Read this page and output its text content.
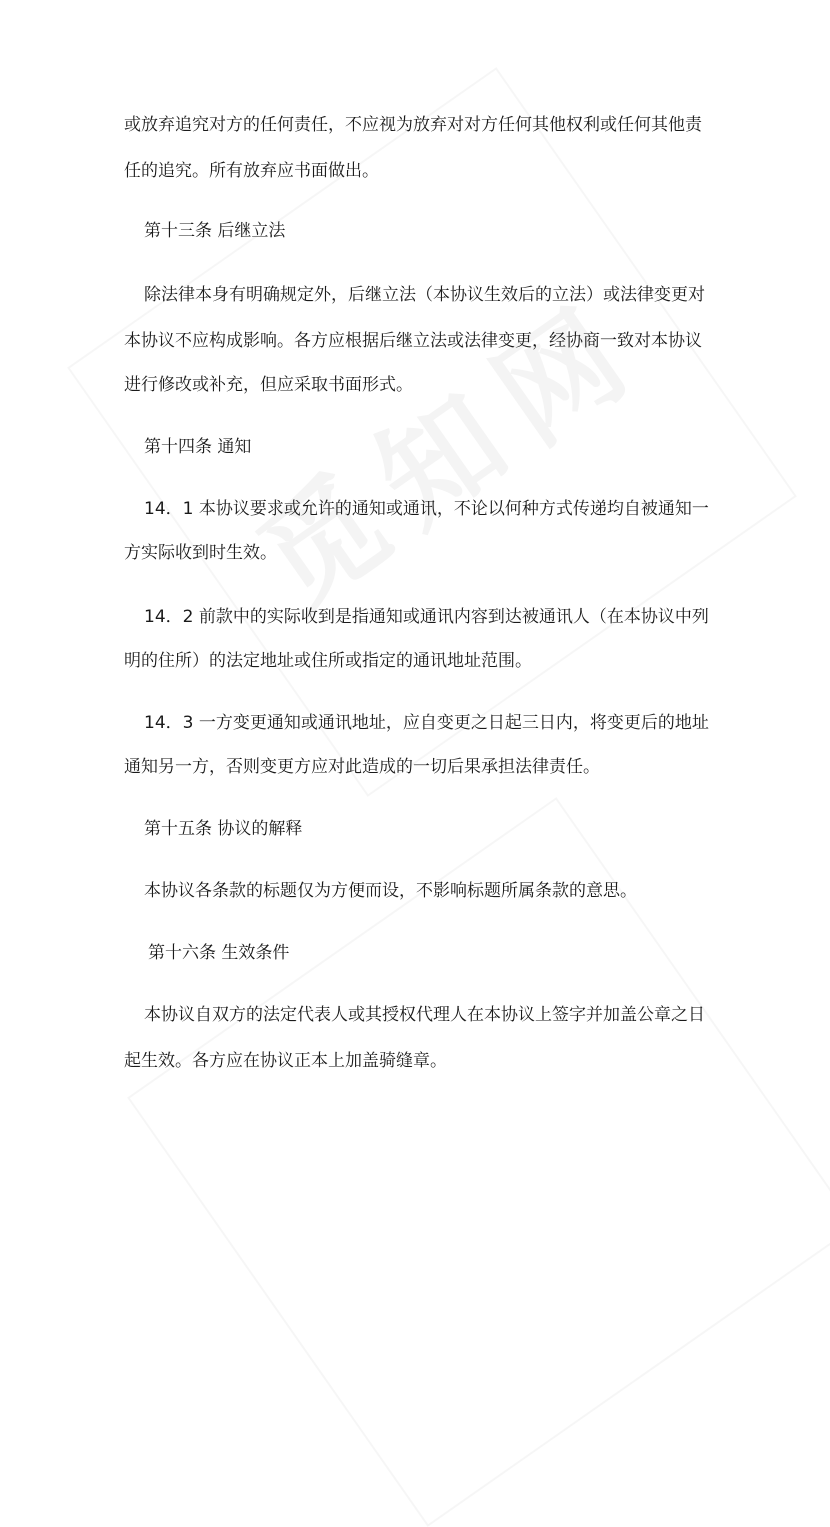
或放弃追究对方的任何责任，不应视为放弃对对方任何其他权利或任何其他责
任的追究。所有放弃应书面做出。
第十三条 后继立法
除法律本身有明确规定外，后继立法（本协议生效后的立法）或法律变更对
本协议不应构成影响。各方应根据后继立法或法律变更，经协商一致对本协议
进行修改或补充，但应采取书面形式。
第十四条 通知
14．1 本协议要求或允许的通知或通讯，不论以何种方式传递均自被通知一
方实际收到时生效。
14．2 前款中的实际收到是指通知或通讯内容到达被通讯人（在本协议中列
明的住所）的法定地址或住所或指定的通讯地址范围。
14．3 一方变更通知或通讯地址，应自变更之日起三日内，将变更后的地址
通知另一方，否则变更方应对此造成的一切后果承担法律责任。
第十五条 协议的解释
本协议各条款的标题仅为方便而设，不影响标题所属条款的意思。
第十六条 生效条件
本协议自双方的法定代表人或其授权代理人在本协议上签字并加盖公章之日
起生效。各方应在协议正本上加盖骑缝章。
